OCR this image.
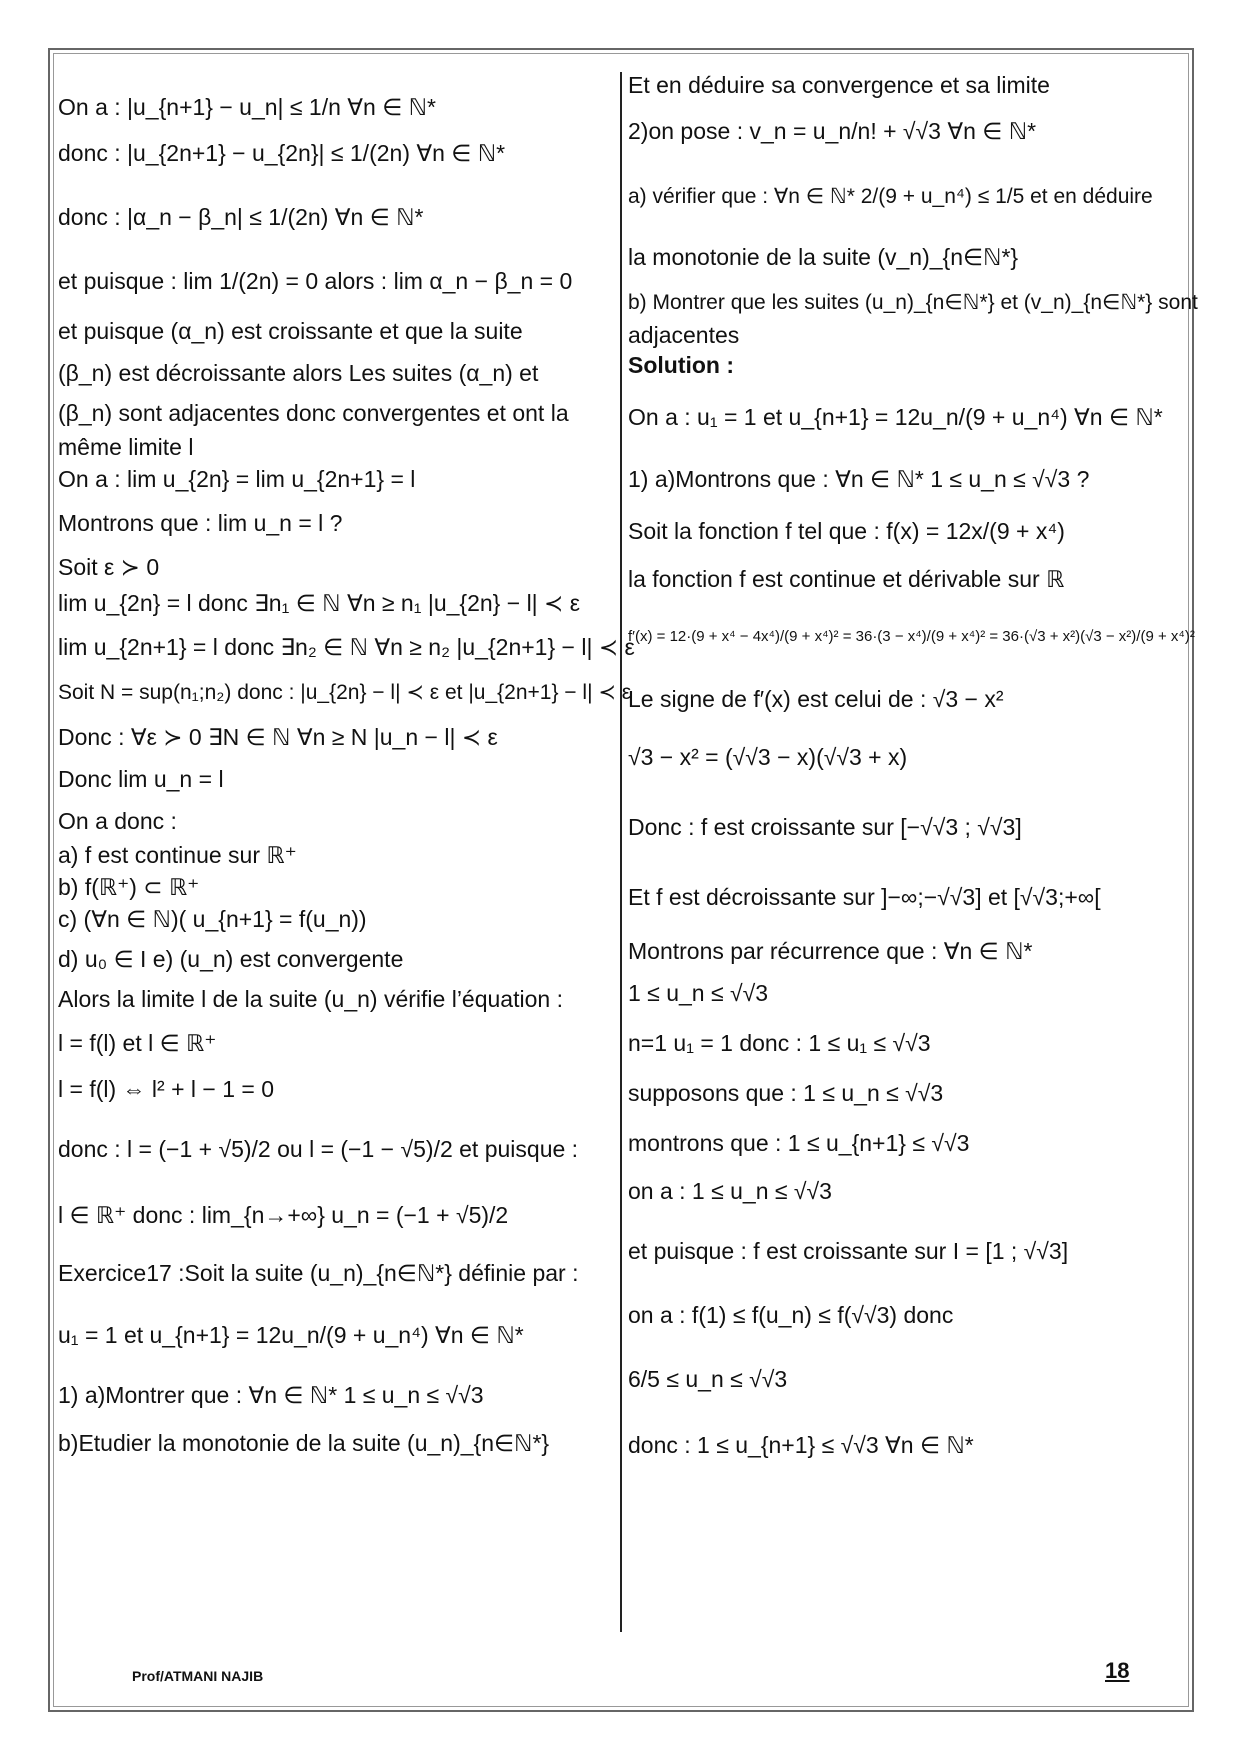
On a : |u_{n+1} − u_n| ≤ 1/n ∀n ∈ ℕ*

donc : |u_{2n+1} − u_{2n}| ≤ 1/(2n) ∀n ∈ ℕ*

donc : |α_n − β_n| ≤ 1/(2n) ∀n ∈ ℕ*

et puisque : lim 1/(2n) = 0 alors : lim α_n − β_n = 0

et puisque (α_n) est croissante et que la suite

(β_n) est décroissante alors Les suites (α_n) et

(β_n) sont adjacentes donc convergentes et ont la

même limite l

On a : lim u_{2n} = lim u_{2n+1} = l

Montrons que : lim u_n = l ?

Soit ε ≻ 0

lim u_{2n} = l donc ∃n₁ ∈ ℕ ∀n ≥ n₁ |u_{2n} − l| ≺ ε

lim u_{2n+1} = l donc ∃n₂ ∈ ℕ ∀n ≥ n₂ |u_{2n+1} − l| ≺ ε

Soit N = sup(n₁;n₂) donc : |u_{2n} − l| ≺ ε et |u_{2n+1} − l| ≺ ε

Donc : ∀ε ≻ 0 ∃N ∈ ℕ ∀n ≥ N |u_n − l| ≺ ε

Donc lim u_n = l

On a donc :

a) f est continue sur ℝ⁺

b) f(ℝ⁺) ⊂ ℝ⁺

c) (∀n ∈ ℕ)( u_{n+1} = f(u_n))

d) u₀ ∈ I e) (u_n) est convergente

Alors la limite l de la suite (u_n) vérifie l’équation :

l = f(l) et l ∈ ℝ⁺

l = f(l) ⇔ l² + l − 1 = 0

donc : l = (−1 + √5)/2 ou l = (−1 − √5)/2 et puisque :

l ∈ ℝ⁺ donc : lim_{n→+∞} u_n = (−1 + √5)/2

Exercice17 :Soit la suite (u_n)_{n∈ℕ*} définie par :

u₁ = 1 et u_{n+1} = 12u_n/(9 + u_n⁴) ∀n ∈ ℕ*

1) a)Montrer que : ∀n ∈ ℕ* 1 ≤ u_n ≤ √√3

b)Etudier la monotonie de la suite (u_n)_{n∈ℕ*}

Et en déduire sa convergence et sa limite

2)on pose : v_n = u_n/n! + √√3 ∀n ∈ ℕ*

a) vérifier que : ∀n ∈ ℕ* 2/(9 + u_n⁴) ≤ 1/5 et en déduire

la monotonie de la suite (v_n)_{n∈ℕ*}

b) Montrer que les suites (u_n)_{n∈ℕ*} et (v_n)_{n∈ℕ*} sont

adjacentes

Solution :

On a : u₁ = 1 et u_{n+1} = 12u_n/(9 + u_n⁴) ∀n ∈ ℕ*

1) a)Montrons que : ∀n ∈ ℕ* 1 ≤ u_n ≤ √√3 ?

Soit la fonction f tel que : f(x) = 12x/(9 + x⁴)

la fonction f est continue et dérivable sur ℝ

f′(x) = 12·(9 + x⁴ − 4x⁴)/(9 + x⁴)² = 36·(3 − x⁴)/(9 + x⁴)² = 36·(√3 + x²)(√3 − x²)/(9 + x⁴)²

Le signe de f′(x) est celui de : √3 − x²

√3 − x² = (√√3 − x)(√√3 + x)

Donc : f est croissante sur [−√√3 ; √√3]

Et f est décroissante sur ]−∞;−√√3] et [√√3;+∞[

Montrons par récurrence que : ∀n ∈ ℕ*

1 ≤ u_n ≤ √√3

n=1 u₁ = 1 donc : 1 ≤ u₁ ≤ √√3

supposons que : 1 ≤ u_n ≤ √√3

montrons que : 1 ≤ u_{n+1} ≤ √√3

on a : 1 ≤ u_n ≤ √√3

et puisque : f est croissante sur I = [1 ; √√3]

on a : f(1) ≤ f(u_n) ≤ f(√√3) donc

6/5 ≤ u_n ≤ √√3

donc : 1 ≤ u_{n+1} ≤ √√3 ∀n ∈ ℕ*

Prof/ATMANI NAJIB	18
